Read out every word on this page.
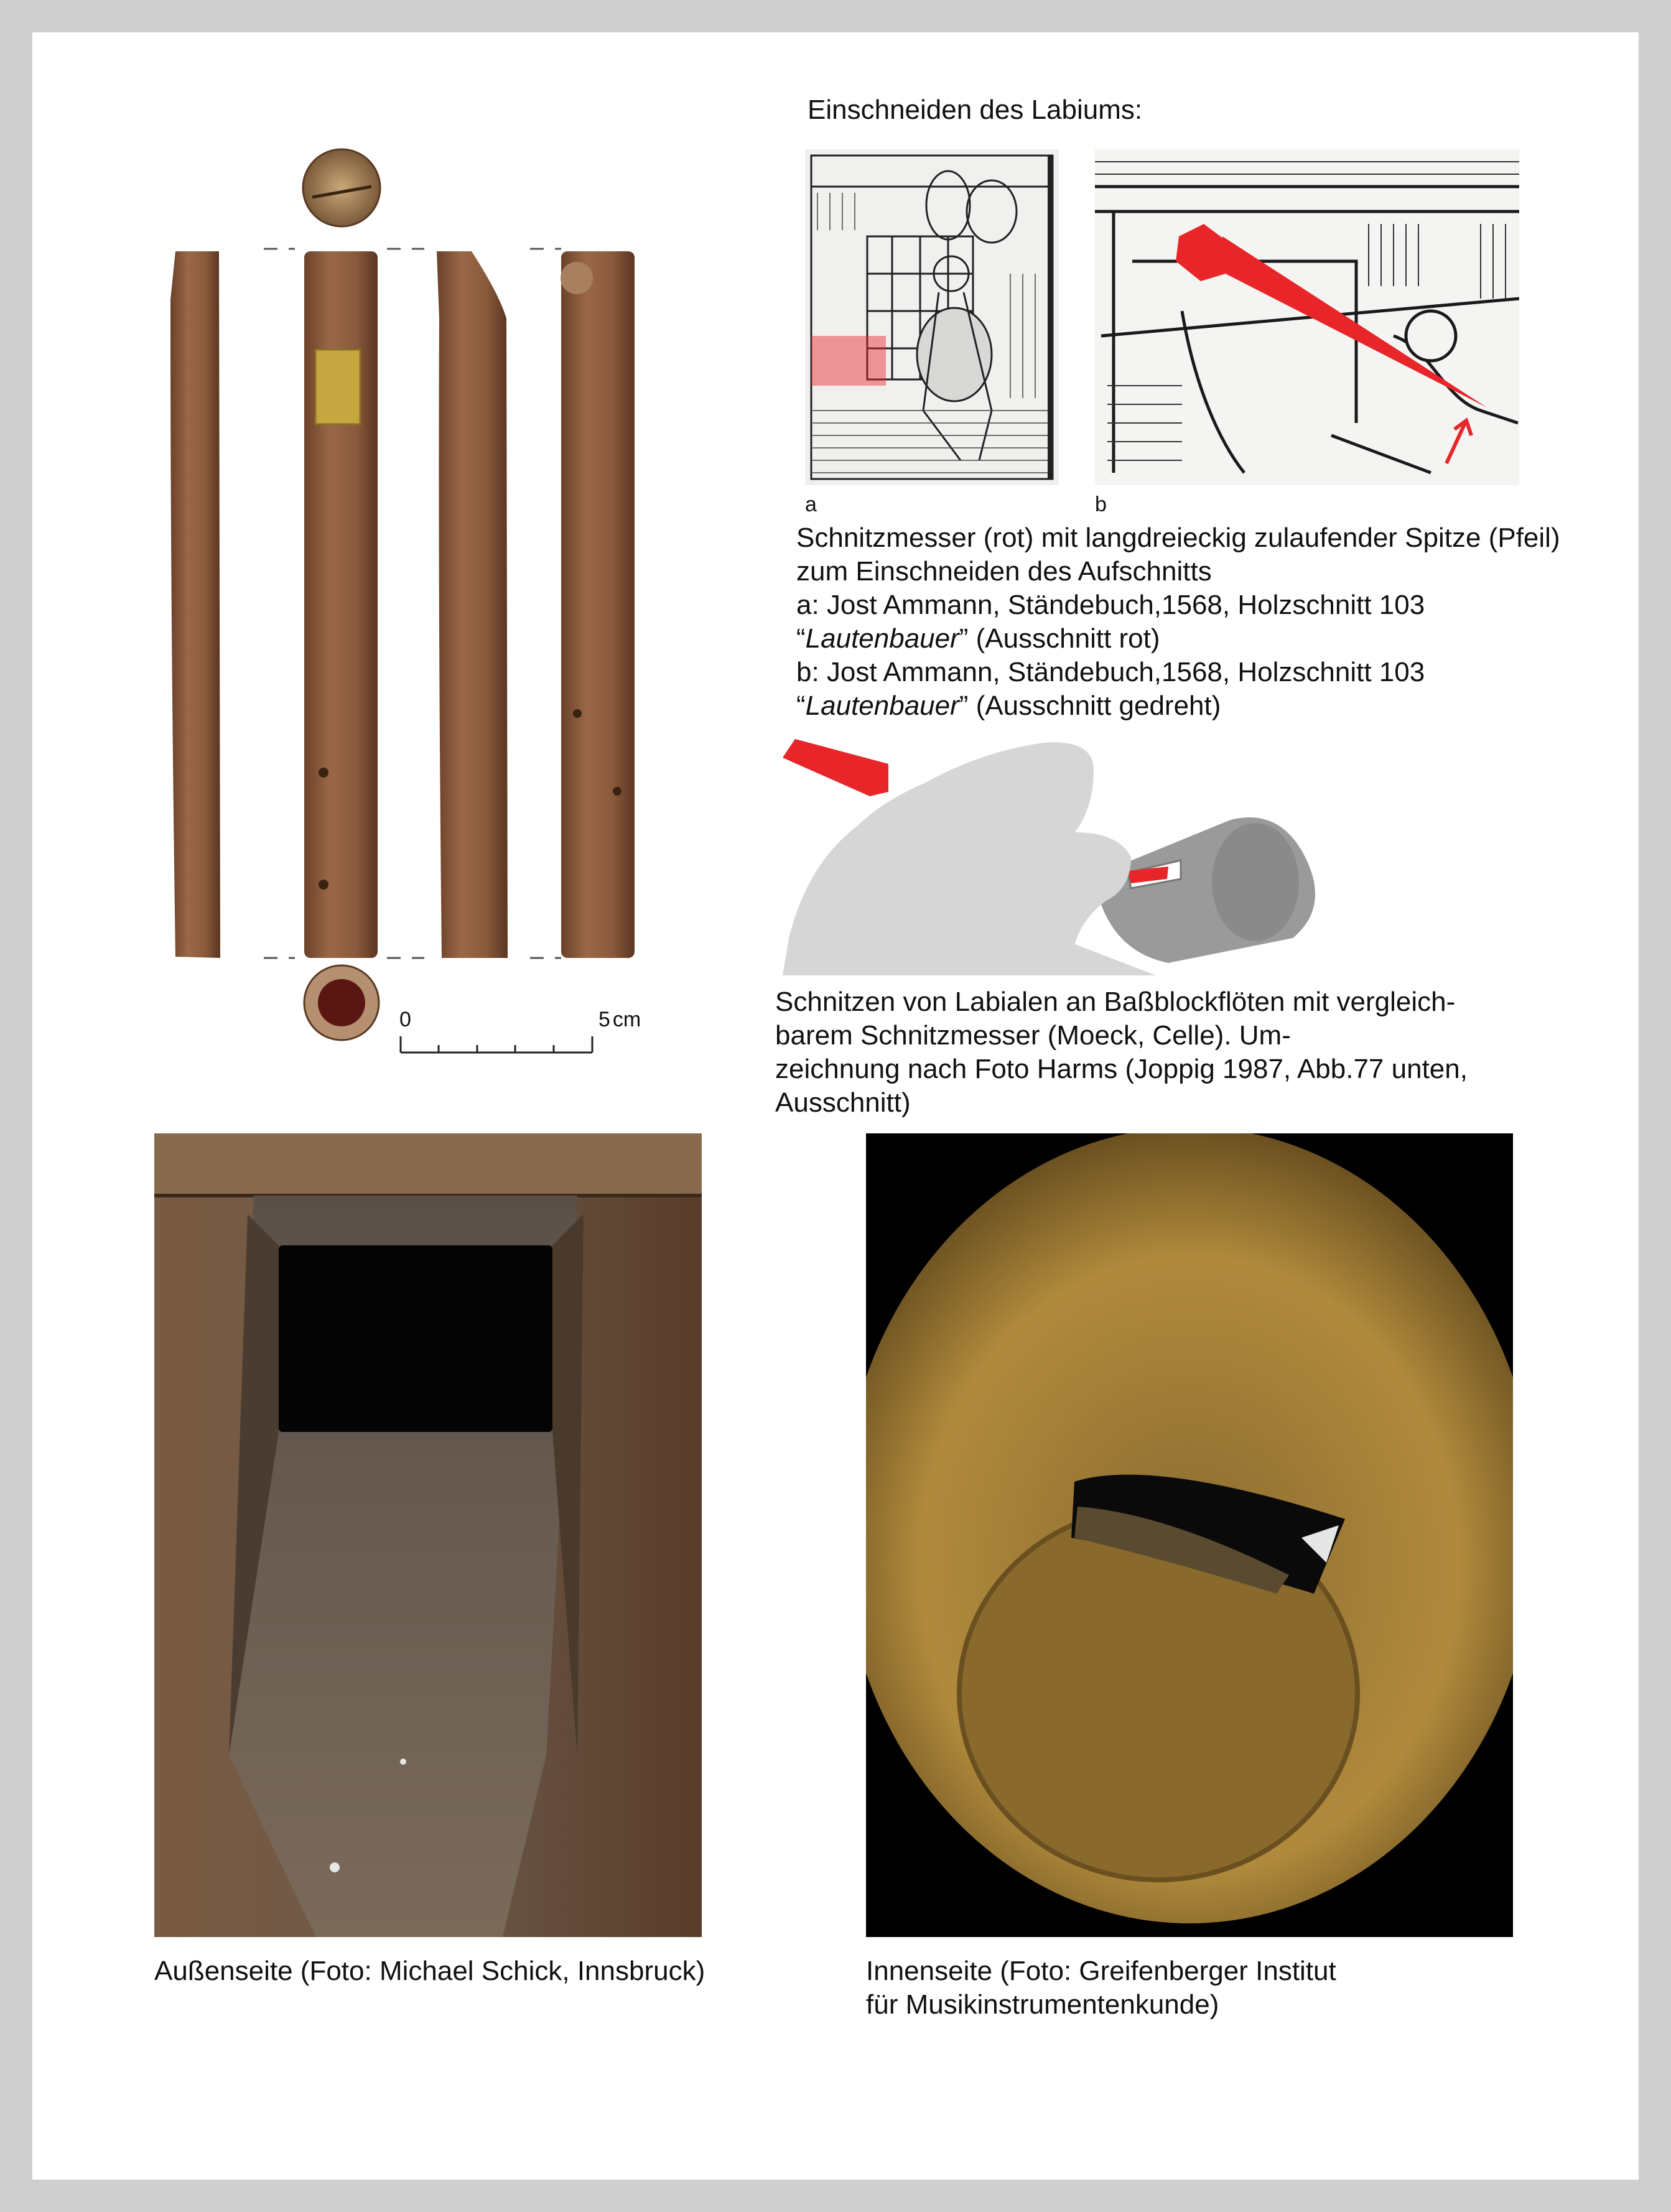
0	5 cm
Einschneiden des Labiums:
a	b
Schnitzmesser (rot) mit langdreieckig zulaufender Spitze (Pfeil)
zum Einschneiden des Aufschnitts
a: Jost Ammann, Ständebuch,1568, Holzschnitt 103
“Lautenbauer” (Ausschnitt rot)
b: Jost Ammann, Ständebuch,1568, Holzschnitt 103
“Lautenbauer” (Ausschnitt gedreht)
Schnitzen von Labialen an Baßblockflöten mit vergleich-
barem Schnitzmesser (Moeck, Celle). Um-
zeichnung nach Foto Harms (Joppig 1987, Abb.77 unten,
Ausschnitt)
Außenseite (Foto: Michael Schick, Innsbruck)	Innenseite (Foto: Greifenberger Institut
für Musikinstrumentenkunde)
